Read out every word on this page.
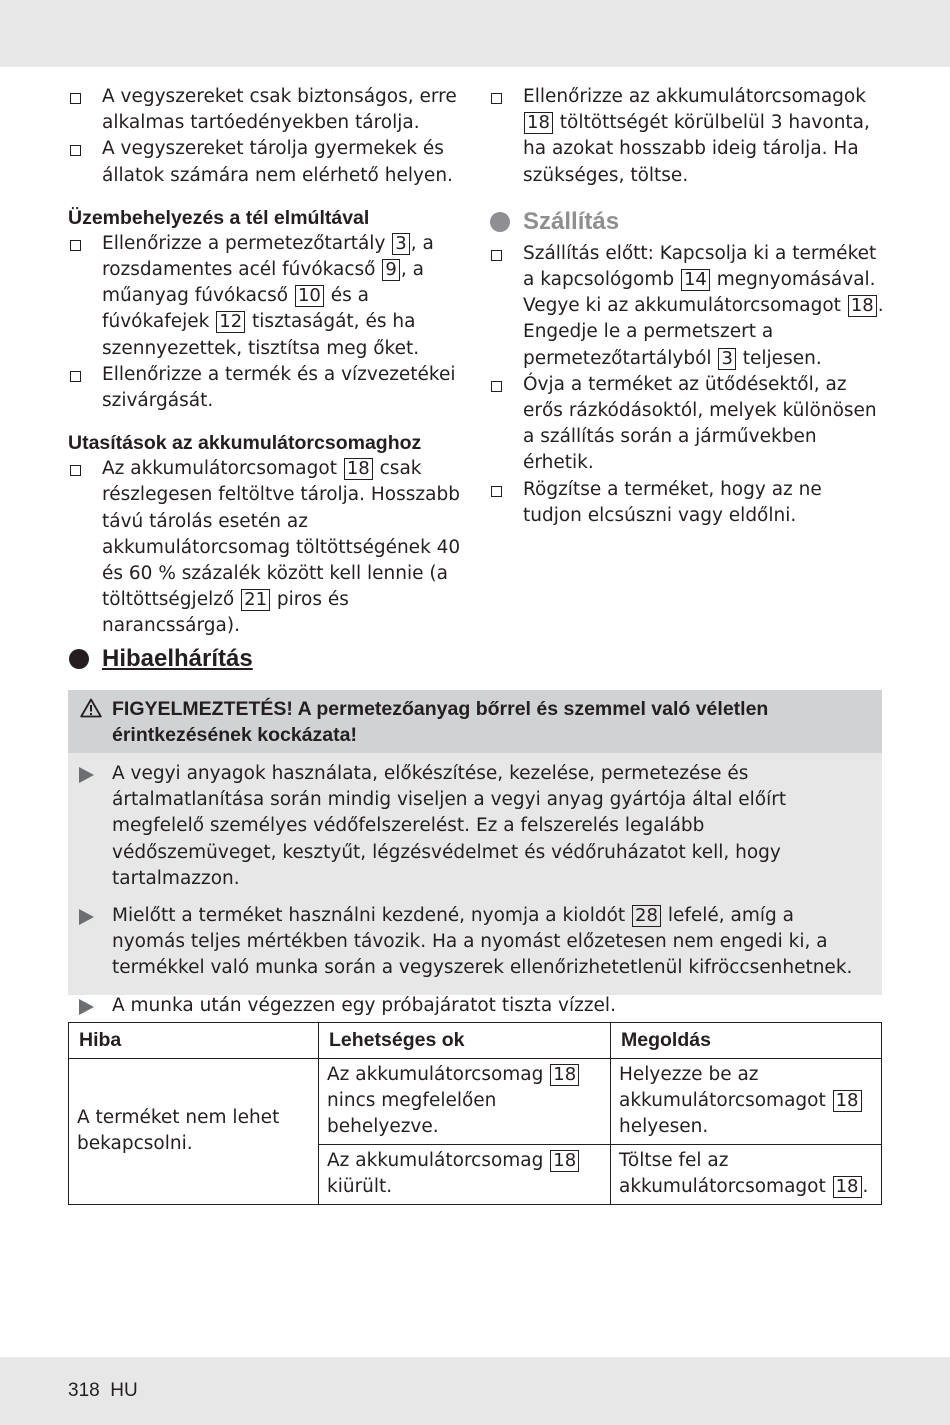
A vegyszereket csak biztonságos, erre alkalmas tartóedényekben tárolja.
A vegyszereket tárolja gyermekek és állatok számára nem elérhető helyen.
Üzembehelyezés a tél elmúltával
Ellenőrizze a permetezőtartály 3 , a rozsdamentes acél fúvókacső 9 , a műanyag fúvókacső 10 és a fúvókafejek 12 tisztaságát, és ha szennyezettek, tisztítsa meg őket.
Ellenőrizze a termék és a vízvezetékei szivárgását.
Utasítások az akkumulátorcsomaghoz
Az akkumulátorcsomagot 18 csak részlegesen feltöltve tárolja. Hosszabb távú tárolás esetén az akkumulátorcsomag töltöttségének 40 és 60 % százalék között kell lennie (a töltöttségjelző 21 piros és narancssárga).
Ellenőrizze az akkumulátorcsomagok 18 töltöttségét körülbelül 3 havonta, ha azokat hosszabb ideig tárolja. Ha szükséges, töltse.
Szállítás
Szállítás előtt: Kapcsolja ki a terméket a kapcsológomb 14 megnyomásával. Vegye ki az akkumulátorcsomagot 18 . Engedje le a permetszert a permetezőtartályból 3 teljesen.
Óvja a terméket az ütődésektől, az erős rázkódásoktól, melyek különösen a szállítás során a járművekben érhetik.
Rögzítse a terméket, hogy az ne tudjon elcsúszni vagy eldőlni.
Hibaelhárítás
FIGYELMEZTETÉS! A permetezőanyag bőrrel és szemmel való véletlen érintkezésének kockázata!
A vegyi anyagok használata, előkészítése, kezelése, permetezése és ártalmatlanítása során mindig viseljen a vegyi anyag gyártója által előírt megfelelő személyes védőfelszerelést. Ez a felszerelés legalább védőszemüveget, kesztyűt, légzésvédelmet és védőruházatot kell, hogy tartalmazzon.
Mielőtt a terméket használni kezdené, nyomja a kioldót 28 lefelé, amíg a nyomás teljes mértékben távozik. Ha a nyomást előzetesen nem engedi ki, a termékkel való munka során a vegyszerek ellenőrizhetetlenül kifröccsenhetnek.
A munka után végezzen egy próbajáratot tiszta vízzel.
Hiba	Lehetséges ok	Megoldás
A terméket nem lehet bekapcsolni.	Az akkumulátorcsomag 18 nincs megfelelően behelyezve.	Helyezze be az akkumulátorcsomagot 18 helyesen.
	Az akkumulátorcsomag 18 kiürült.	Töltse fel az akkumulátorcsomagot 18 .
318  HU
